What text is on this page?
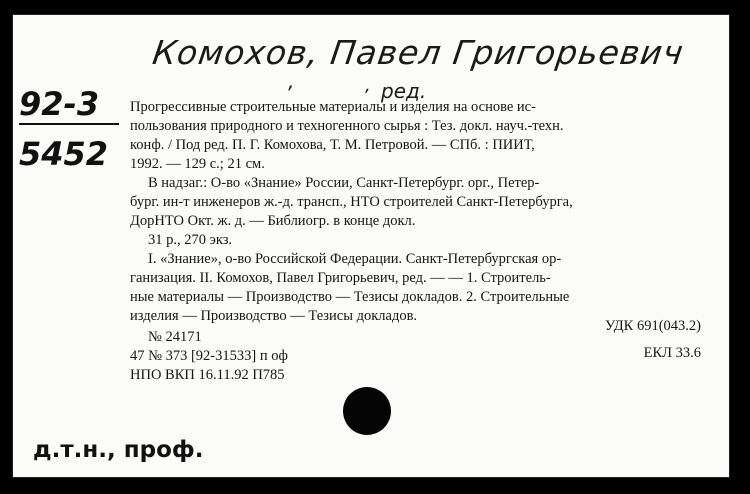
Комохов, Павел Григорьевич
,	, ред.
92-3
5452
Прогрессивные строительные материалы и изделия на основе ис-
пользования природного и техногенного сырья : Тез. докл. науч.-техн.
конф. / Под ред. П. Г. Комохова, Т. М. Петровой. — СПб. : ПИИТ,
1992. — 129 с.; 21 см.
В надзаг.: О-во «Знание» России, Санкт-Петербург. орг., Петер-
бург. ин-т инженеров ж.-д. трансп., НТО строителей Санкт-Петербурга,
ДорНТО Окт. ж. д. — Библиогр. в конце докл.
31 р., 270 экз.
I. «Знание», о-во Российской Федерации. Санкт-Петербургская ор-
ганизация. II. Комохов, Павел Григорьевич, ред. — — 1. Строитель-
ные материалы — Производство — Тезисы докладов. 2. Строительные
изделия — Производство — Тезисы докладов.
УДК 691(043.2)
ЕКЛ 33.6
№ 24171
47 № 373 [92-31533] п оф
НПО ВКП 16.11.92 П785
д.т.н., проф.
